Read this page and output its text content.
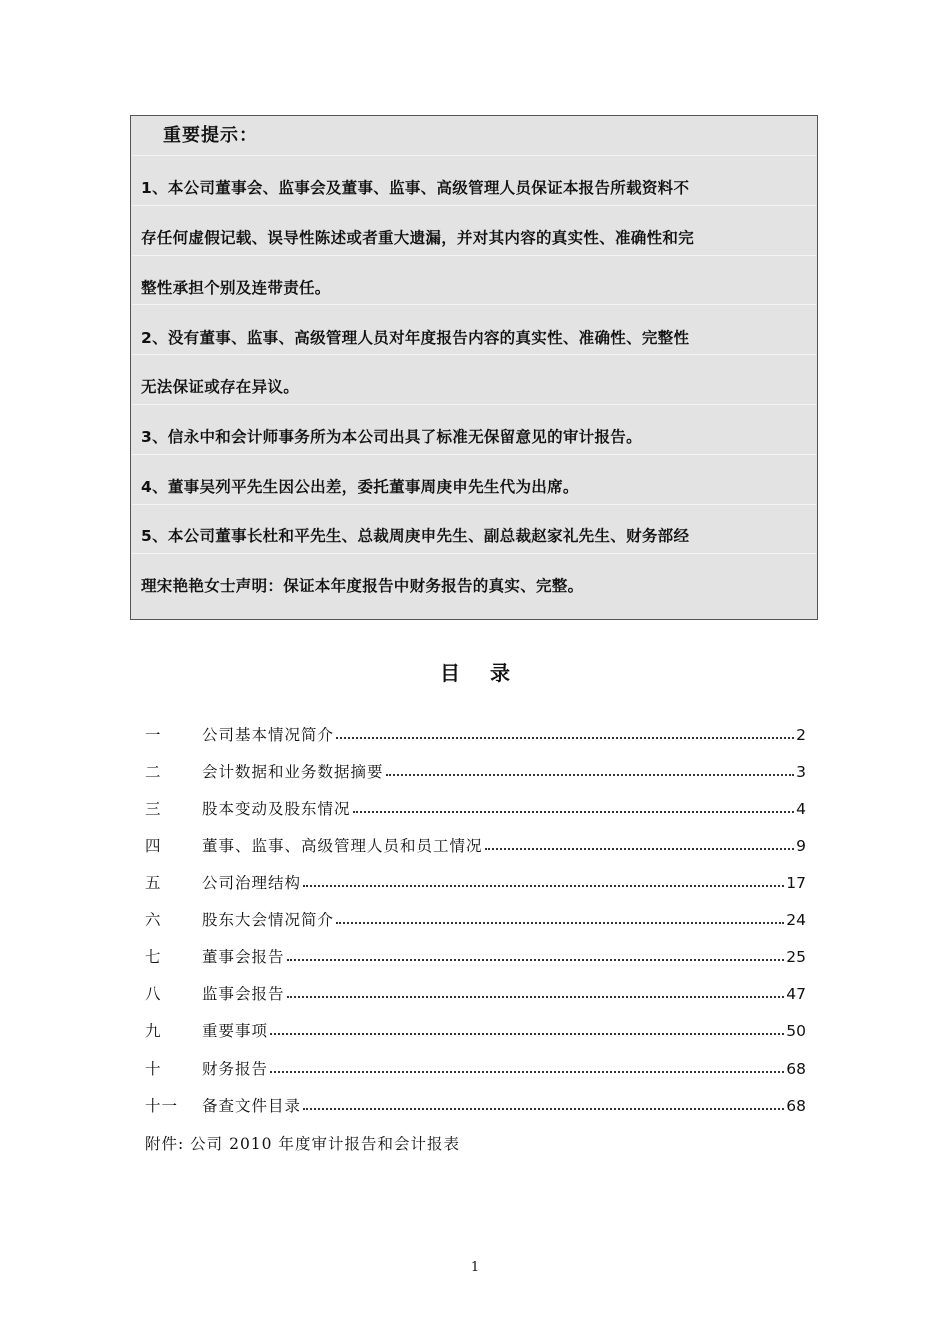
重要提示：
1、本公司董事会、监事会及董事、监事、高级管理人员保证本报告所载资料不
存任何虚假记载、误导性陈述或者重大遗漏，并对其内容的真实性、准确性和完
整性承担个别及连带责任。
2、没有董事、监事、高级管理人员对年度报告内容的真实性、准确性、完整性
无法保证或存在异议。
3、信永中和会计师事务所为本公司出具了标准无保留意见的审计报告。
4、董事吴列平先生因公出差，委托董事周庚申先生代为出席。
5、本公司董事长杜和平先生、总裁周庚申先生、副总裁赵家礼先生、财务部经
理宋艳艳女士声明：保证本年度报告中财务报告的真实、完整。
目录
一	公司基本情况简介	2
二	会计数据和业务数据摘要	3
三	股本变动及股东情况	4
四	董事、监事、高级管理人员和员工情况	9
五	公司治理结构	17
六	股东大会情况简介	24
七	董事会报告	25
八	监事会报告	47
九	重要事项	50
十	财务报告	68
十一 备查文件目录	68
附件: 公司 2010 年度审计报告和会计报表
1
